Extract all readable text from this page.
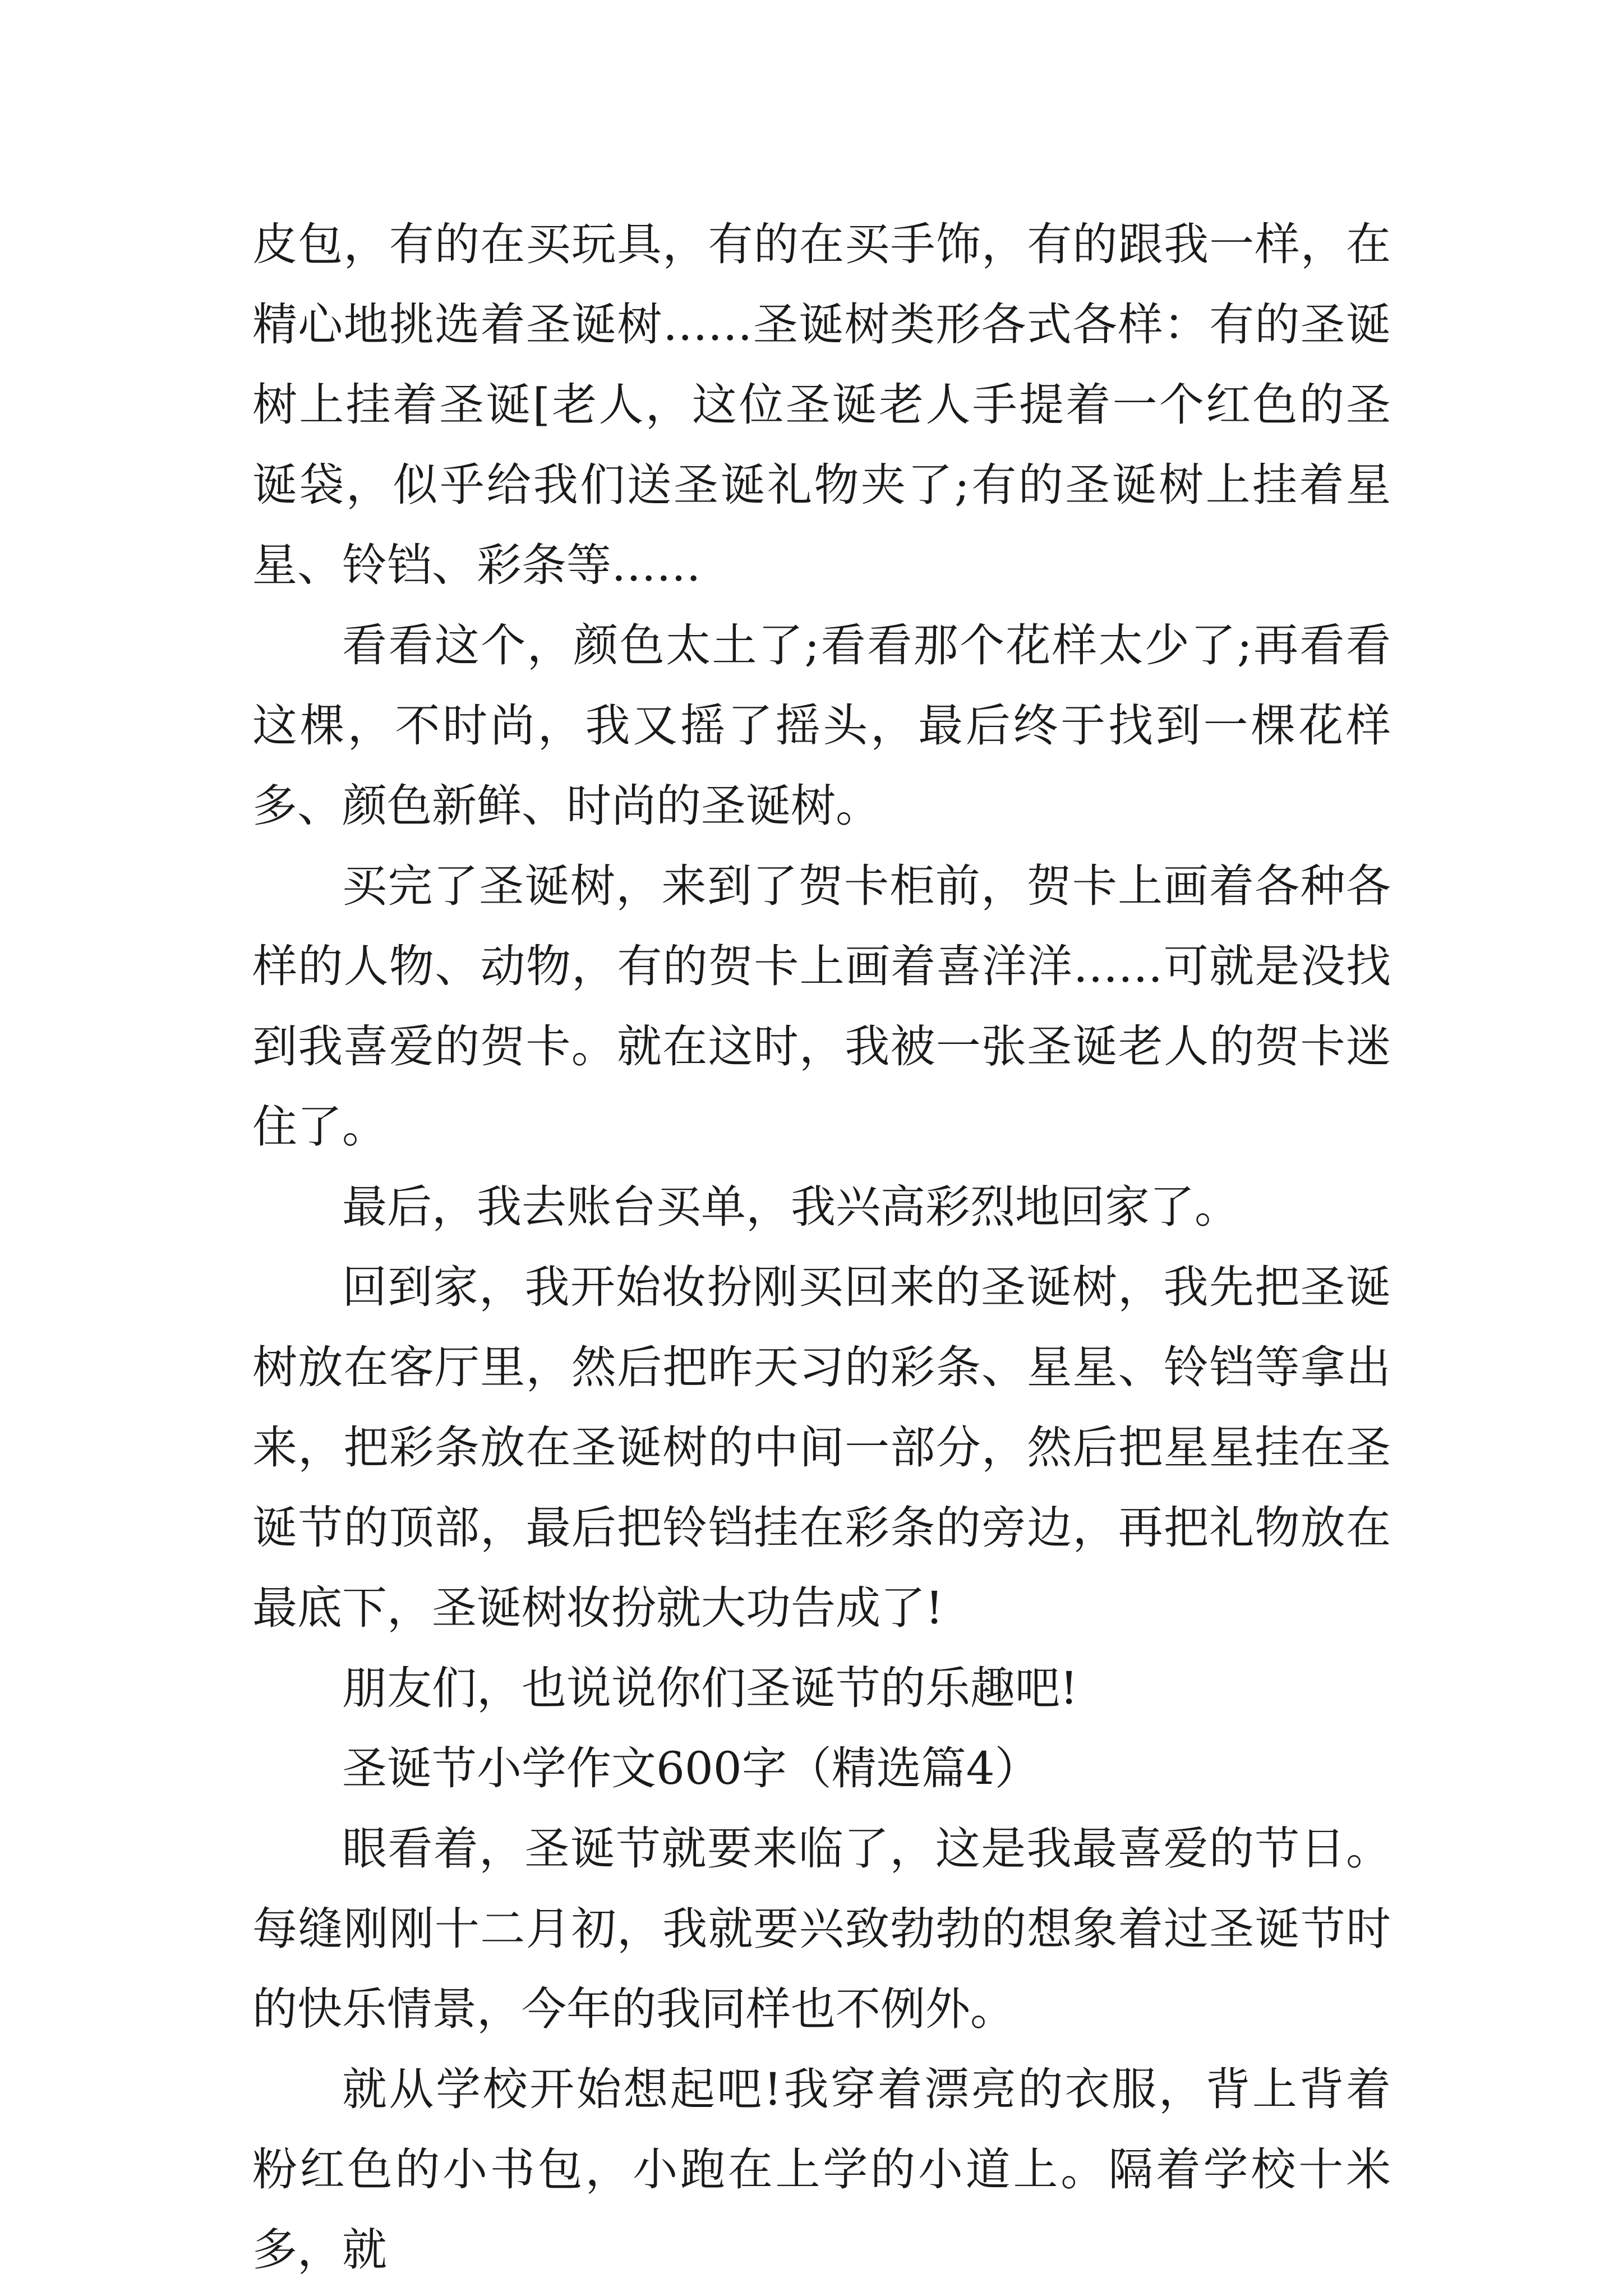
皮包，有的在买玩具，有的在买手饰，有的跟我一样，在精心地挑选着圣诞树……圣诞树类形各式各样：有的圣诞树上挂着圣诞[老人，这位圣诞老人手提着一个红色的圣诞袋，似乎给我们送圣诞礼物夹了;有的圣诞树上挂着星星、铃铛、彩条等……

看看这个，颜色太土了;看看那个花样太少了;再看看这棵，不时尚，我又摇了摇头，最后终于找到一棵花样多、颜色新鲜、时尚的圣诞树。

买完了圣诞树，来到了贺卡柜前，贺卡上画着各种各样的人物、动物，有的贺卡上画着喜洋洋……可就是没找到我喜爱的贺卡。就在这时，我被一张圣诞老人的贺卡迷住了。

最后，我去账台买单，我兴高彩烈地回家了。

回到家，我开始妆扮刚买回来的圣诞树，我先把圣诞树放在客厅里，然后把昨天习的彩条、星星、铃铛等拿出来，把彩条放在圣诞树的中间一部分，然后把星星挂在圣诞节的顶部，最后把铃铛挂在彩条的旁边，再把礼物放在最底下，圣诞树妆扮就大功告成了!

朋友们，也说说你们圣诞节的乐趣吧!

圣诞节小学作文600字（精选篇4）

眼看着，圣诞节就要来临了，这是我最喜爱的节日。每缝刚刚十二月初，我就要兴致勃勃的想象着过圣诞节时的快乐情景，今年的我同样也不例外。

就从学校开始想起吧!我穿着漂亮的衣服，背上背着粉红色的小书包，小跑在上学的小道上。隔着学校十米多，就
